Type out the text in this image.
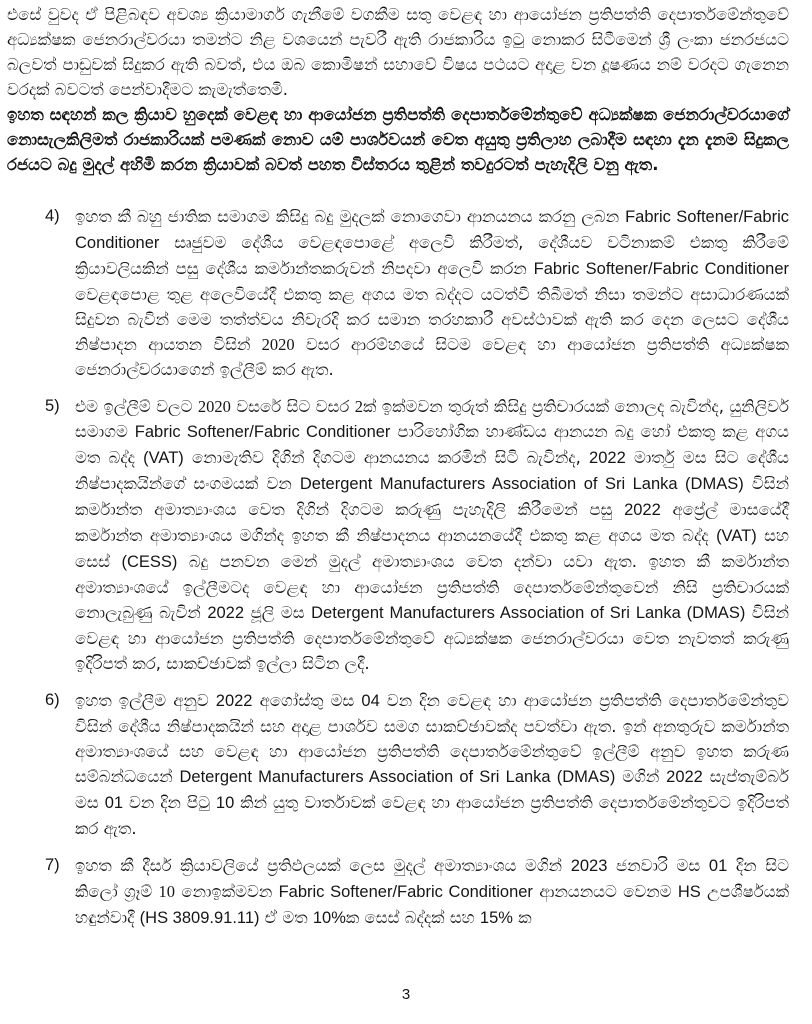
එසේ වුවද ඒ පිළිබඳව අවශ්‍ය ක්‍රියාමාර්ග ගැනීමේ වගකීම සතු වෙළඳ හා ආයෝජන ප්‍රතිපත්ති දෙපාර්තමේන්තුවේ අධ්‍යක්ෂක ජෙනරාල්වරයා තමන්ට නිළ වශයෙන් පැවරී ඇති රාජකාරිය ඉටු නොකර සිටීමෙන් ශ්‍රී ලංකා ජනරජයට බලවත් පාඩුවක් සිදුකර ඇති බවත්, එය ඔබ කොමිෂන් සහාවේ විෂය පථයට අදාළ වන දූෂණය නම් වරදට ගැනෙන වරදක් බවටත් පෙන්වාදීමට කැමැත්තෙමි.

ඉහත සඳහන් කල ක්‍රියාව හුදෙක් වෙළඳ හා ආයෝජන ප්‍රතිපත්ති දෙපාර්තමේන්තුවේ අධ්‍යක්ෂක ජෙනරාල්වරයාගේ නොසැලකිලිමත් රාජකාරියක් පමණක් නොව යම් පාර්ශවයන් වෙත අයුතු ප්‍රතිලාහ ලබාදීම සඳහා දැන දැනම සිදුකල රජයට බදු මුදල් අහිමි කරන ක්‍රියාවක් බවත් පහත විස්තරය තුළින් තවදුරටත් පැහැදිලි වනු ඇත.

4) ඉහත කී බහු ජාතික සමාගම කිසිදු බදු මුදලක් නොගෙවා ආනයනය කරනු ලබන Fabric Softener/Fabric Conditioner සෘජුවම දේශීය වෙළඳපොළේ අලෙවි කිරීමත්, දේශීයව වටිනාකම් එකතු කිරීමේ ක්‍රියාවලියකින් පසු දේශීය කර්මාන්තකරුවන් නිපදවා අලෙවි කරන Fabric Softener/Fabric Conditioner වෙළඳපොළ තුළ අලෙවියේදී එකතු කළ අගය මත බද්දට යටත්වී තිබීමත් නිසා තමන්ට අසාධාරණයක් සිදුවන බැවින් මෙම තත්ත්වය නිවැරදි කර සමාන තරහකාරී අවස්ථාවක් ඇති කර දෙන ලෙසට දේශීය නිෂ්පාදන ආයතන විසින් 2020 වසර ආරම්හයේ සිටම වෙළඳ හා ආයෝජන ප්‍රතිපත්ති අධ්‍යක්ෂක ජෙනරාල්වරයාගෙන් ඉල්ලීම් කර ඇත.
5) එම ඉල්ලීම් වලට 2020 වසරේ සිට වසර 2ක් ඉක්මවන තුරුත් කිසිදු ප්‍රතිචාරයක් නොලද බැවින්ද, යුනිලිවර් සමාගම Fabric Softener/Fabric Conditioner පාරිහෝගික හාණ්ඩය ආනයන බදු හෝ එකතු කළ අගය මත බද්ද (VAT) නොමැතිව දිගින් දිගටම ආනයනය කරමින් සිටි බැවින්ද, 2022 මාර්තු මස සිට දේශීය නිෂ්පාදකයින්ගේ සංගමයක් වන Detergent Manufacturers Association of Sri Lanka (DMAS) විසින් කර්මාන්ත අමාත්‍යාංශය වෙත දිගින් දිගටම කරුණු පැහැදිලි කිරීමෙන් පසු 2022 අප්‍රේල් මාසයේදී කර්මාන්ත අමාත්‍යාංශය මගින්ද ඉහත කී නිෂ්පාදනය ආනයනයේදී එකතු කළ අගය මත බද්ද (VAT) සහ සෙස් (CESS) බදු පනවන මෙන් මුදල් අමාත්‍යාංශය වෙත දන්වා යවා ඇත. ඉහත කී කර්මාන්ත අමාත්‍යාංශයේ ඉල්ලීමටද වෙළඳ හා ආයෝජන ප්‍රතිපත්ති දෙපාර්තමේන්තුවෙන් නිසි ප්‍රතිචාරයක් නොලැබුණු බැවින් 2022 ජූලි මස Detergent Manufacturers Association of Sri Lanka (DMAS) විසින් වෙළඳ හා ආයෝජන ප්‍රතිපත්ති දෙපාර්තමේන්තුවේ අධ්‍යක්ෂක ජෙනරාල්වරයා වෙත නැවතත් කරුණු ඉදිරිපත් කර, සාකච්ඡාවක් ඉල්ලා සිටින ලදී.
6) ඉහත ඉල්ලීම අනුව 2022 අගෝස්තු මස 04 වන දින වෙළඳ හා ආයෝජන ප්‍රතිපත්ති දෙපාර්තමේන්තුව විසින් දේශීය නිෂ්පාදකයින් සහ අදාළ පාර්ශව සමග සාකච්ඡාවක්ද පවත්වා ඇත. ඉන් අනතුරුව කර්මාන්ත අමාත්‍යාංශයේ සහ වෙළඳ හා ආයෝජන ප්‍රතිපත්ති දෙපාර්තමේන්තුවේ ඉල්ලීම් අනුව ඉහත කරුණ සම්බන්ධයෙන් Detergent Manufacturers Association of Sri Lanka (DMAS) මගින් 2022 සැප්තැම්බර් මස 01 වන දින පිටු 10 කින් යුතු වාර්තාවක් වෙළඳ හා ආයෝජන ප්‍රතිපත්ති දෙපාර්තමේන්තුවට ඉදිරිපත් කර ඇත.
7) ඉහත කී දීර්ස ක්‍රියාවලියේ ප්‍රතිඵලයක් ලෙස මුදල් අමාත්‍යාංශය මගින් 2023 ජනවාරි මස 01 දින සිට කිලෝ ග්‍රෑම් 10 නොඉක්මවන Fabric Softener/Fabric Conditioner ආනයනයට වෙනම HS උපශීර්ෂයක් හඳුන්වාදී (HS 3809.91.11) ඒ මත 10%ක සෙස් බද්දක් සහ 15% ක
3
